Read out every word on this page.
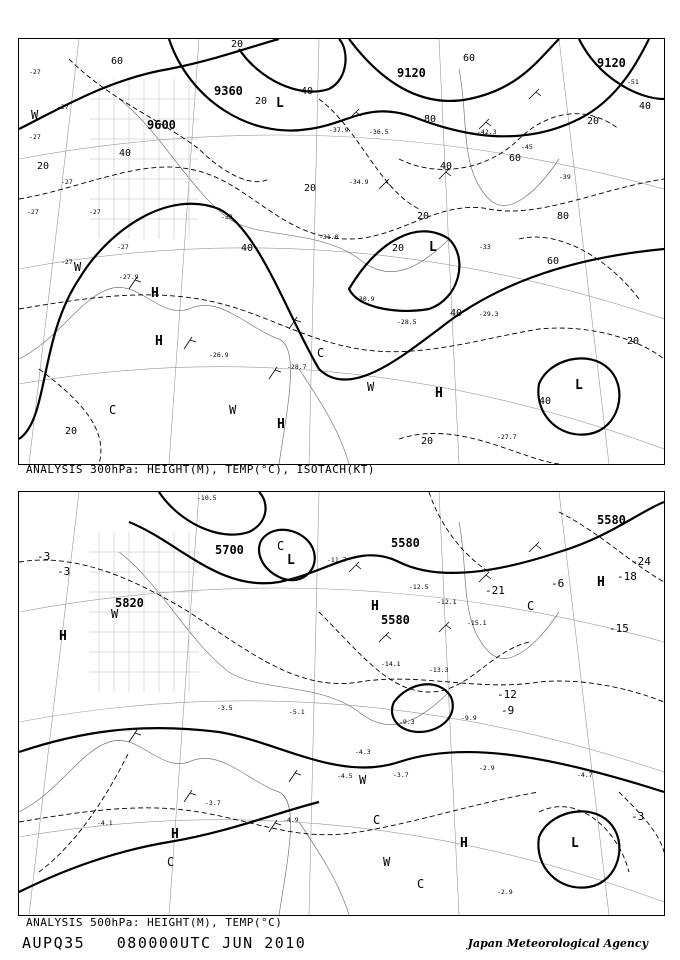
9600
9360
9120
9120
20
20
20
20
20
20
20
20
20
20
40
40
40
40
40
40
40
60	60
60
60
80
80
-27
-27
-27
-27
-27	-27
-27
-27
-27.9
-28.5
-29.3
-30.9
-31.0
-33
-33
-34.9
-36.5
-37.9	-42.3
-39
-45
-51
-26.9
-28.7
-27.7
H
H
H
H
L
L
L
C
C
W
W
W
W
ANALYSIS 300hPa: HEIGHT(M), TEMP(°C), ISOTACH(KT)
5700	5580
5820
5580
5580
-3
-3
-3
-6
-9
-12
-15
-18
-21
-24
-10.5
-11.7
-12.1
-15.1
-12.5
-14.1
-13.3
-9.3	-9.9
-4.3
-3.7
-4.5
-5.1
-3.5
-4.9
-2.9
-4.1
-3.7
-4.7
-2.9
H
H
H
H
H
L
L
C
C
C
C
C
W
W
W
ANALYSIS 500hPa: HEIGHT(M), TEMP(°C)
AUPQ35 080000UTC JUN 2010	Japan Meteorological Agency
